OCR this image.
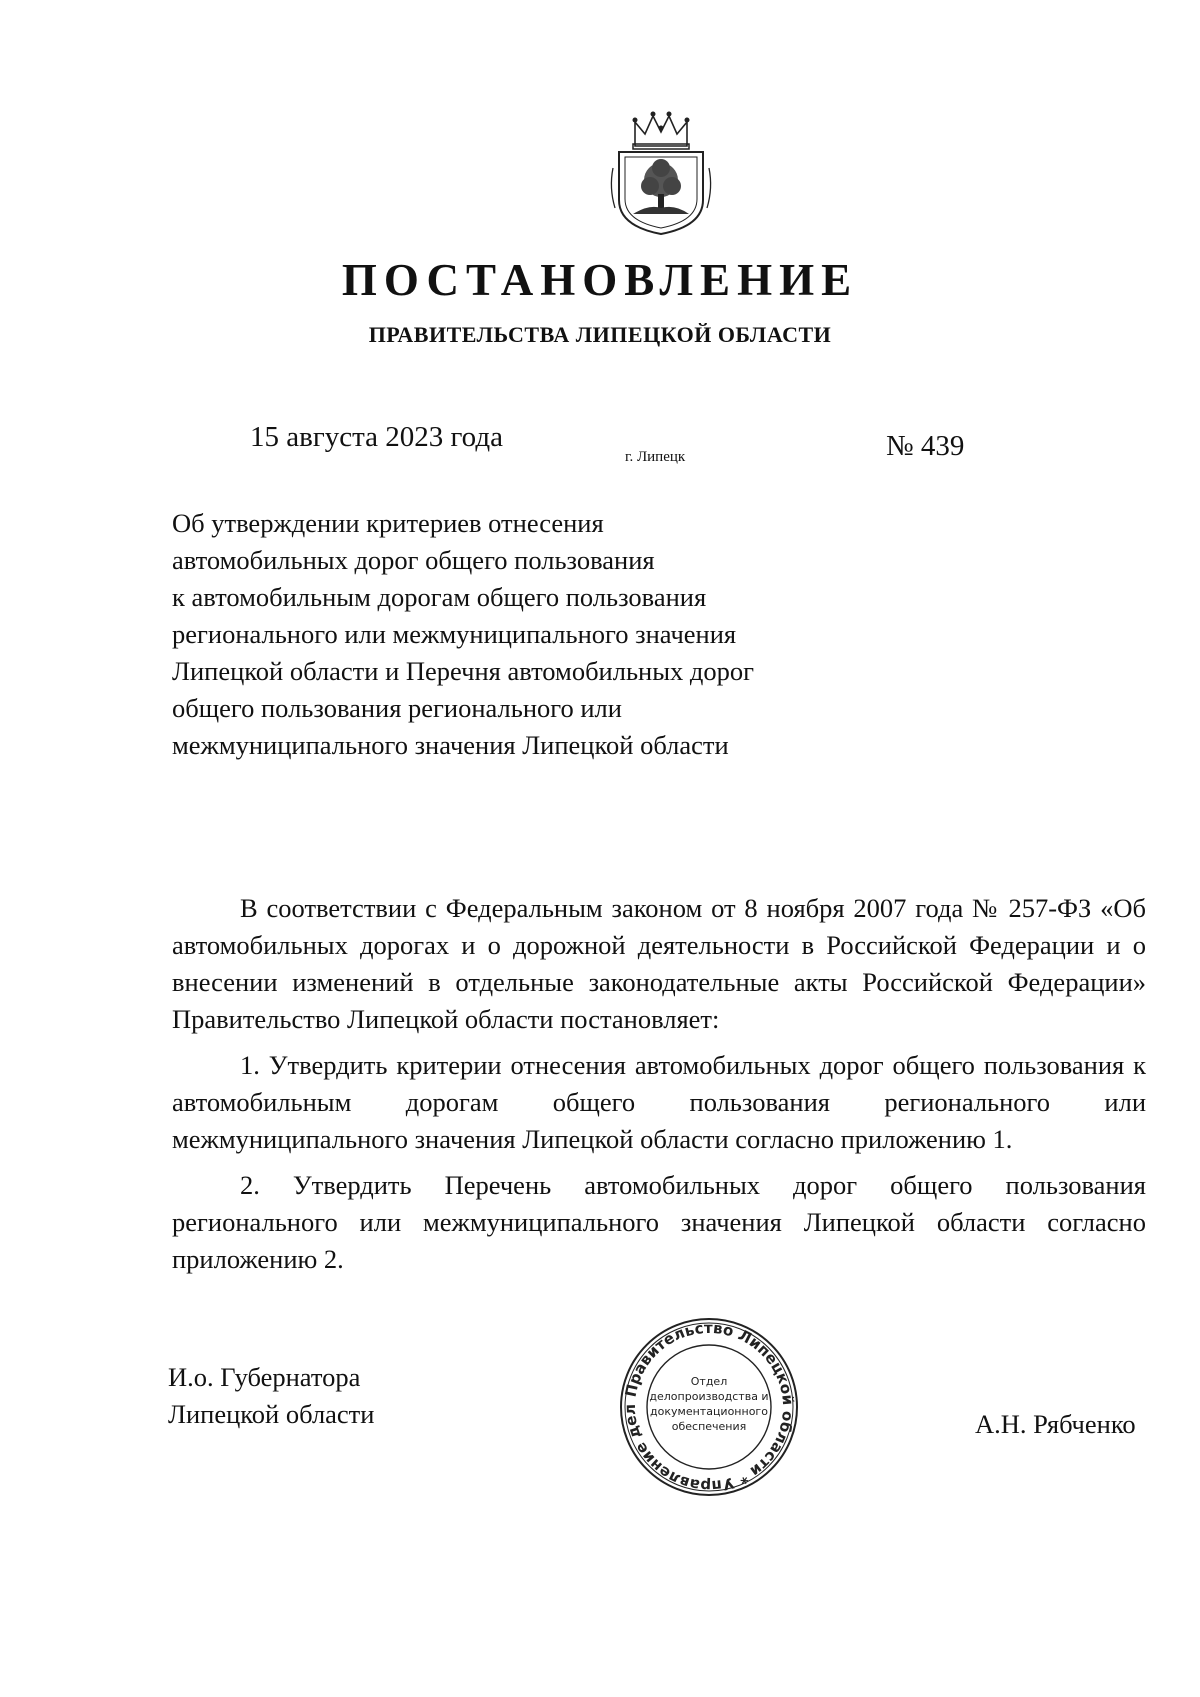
ПОСТАНОВЛЕНИЕ
ПРАВИТЕЛЬСТВА ЛИПЕЦКОЙ ОБЛАСТИ
15 августа 2023 года
г. Липецк	№ 439
Об утверждении критериев отнесения
автомобильных дорог общего пользования
к автомобильным дорогам общего пользования
регионального или межмуниципального значения
Липецкой области и Перечня автомобильных дорог
общего пользования регионального или
межмуниципального значения Липецкой области

В соответствии с Федеральным законом от 8 ноября 2007 года № 257-ФЗ «Об автомобильных дорогах и о дорожной деятельности в Российской Федерации и о внесении изменений в отдельные законодательные акты Российской Федерации» Правительство Липецкой области постановляет:

1. Утвердить критерии отнесения автомобильных дорог общего пользования к автомобильным дорогам общего пользования регионального или межмуниципального значения Липецкой области согласно приложению 1.

2. Утвердить Перечень автомобильных дорог общего пользования регионального или межмуниципального значения Липецкой области согласно приложению 2.

И.о. Губернатора
Липецкой области	А.Н. Рябченко
Правительство Липецкой области * Управление делами *
Отдел
делопроизводства и
документационного
обеспечения
